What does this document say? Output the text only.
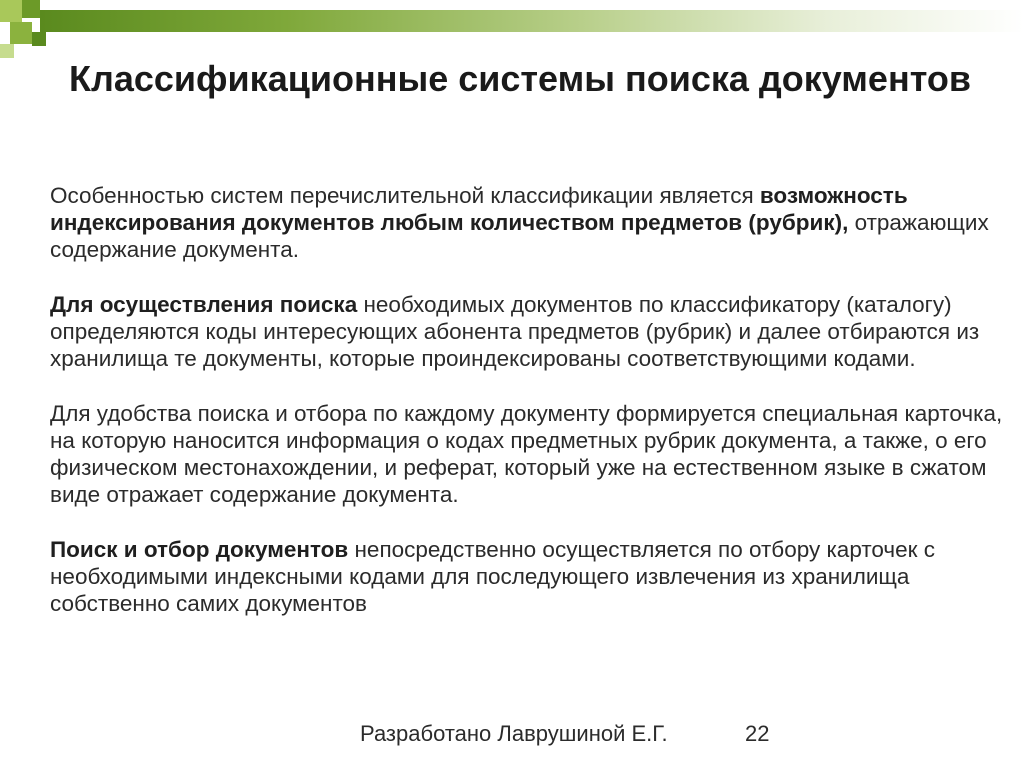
Классификационные системы поиска документов

Особенностью систем перечислительной классификации является возможность индексирования документов любым количеством предметов (рубрик), отражающих содержание документа.

Для осуществления поиска необходимых документов по классификатору (каталогу) определяются коды интересующих абонента предметов (рубрик) и далее отбираются из хранилища те документы, которые проиндексированы соответствующими кодами.

Для удобства поиска и отбора по каждому документу формируется специальная карточка, на которую наносится информация о кодах предметных рубрик документа, а также, о его физическом местонахождении, и реферат, который уже на естественном языке в сжатом виде отражает содержание документа.

Поиск и отбор документов непосредственно осуществляется по отбору карточек с необходимыми индексными кодами для последующего извлечения из хранилища собственно самих документов

Разработано Лаврушиной Е.Г.	22
